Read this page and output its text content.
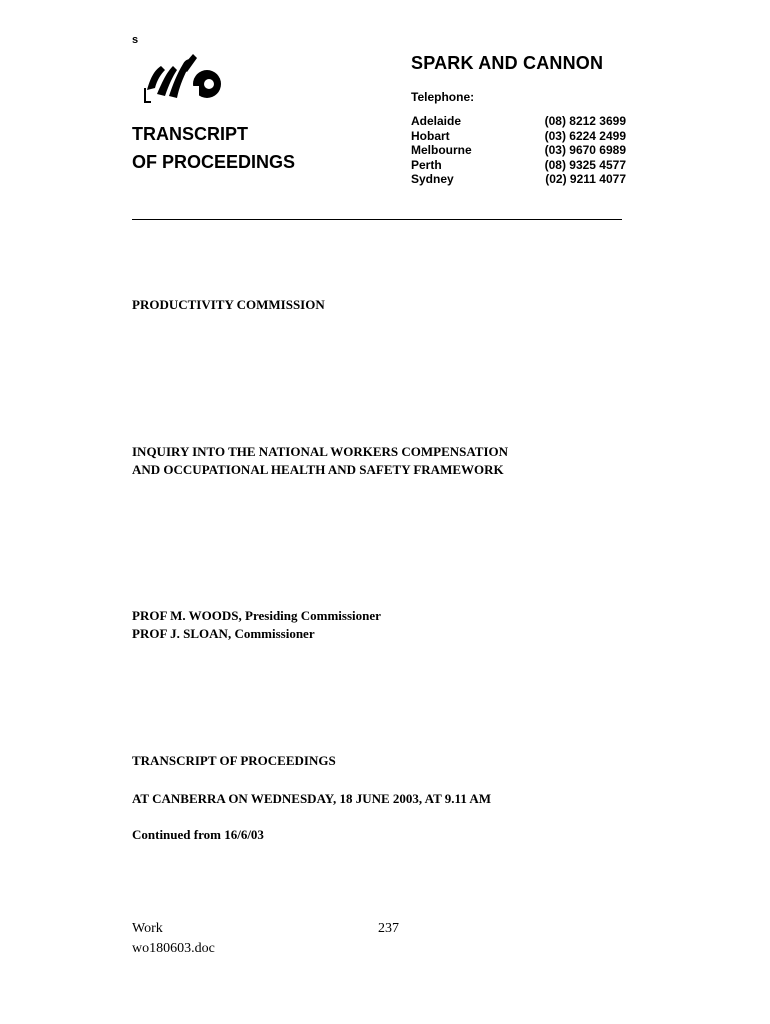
s
SPARK AND CANNON
Telephone:
Adelaide	(08) 8212 3699
Hobart	(03) 6224 2499
Melbourne	(03) 9670 6989
Perth	(08) 9325 4577
Sydney	(02) 9211 4077
TRANSCRIPT
OF PROCEEDINGS
PRODUCTIVITY COMMISSION
INQUIRY INTO THE NATIONAL WORKERS COMPENSATION
AND OCCUPATIONAL HEALTH AND SAFETY FRAMEWORK
PROF M. WOODS, Presiding Commissioner
PROF J. SLOAN, Commissioner
TRANSCRIPT OF PROCEEDINGS
AT CANBERRA ON WEDNESDAY, 18 JUNE 2003, AT 9.11 AM
Continued from 16/6/03
Work
wo180603.doc
237
